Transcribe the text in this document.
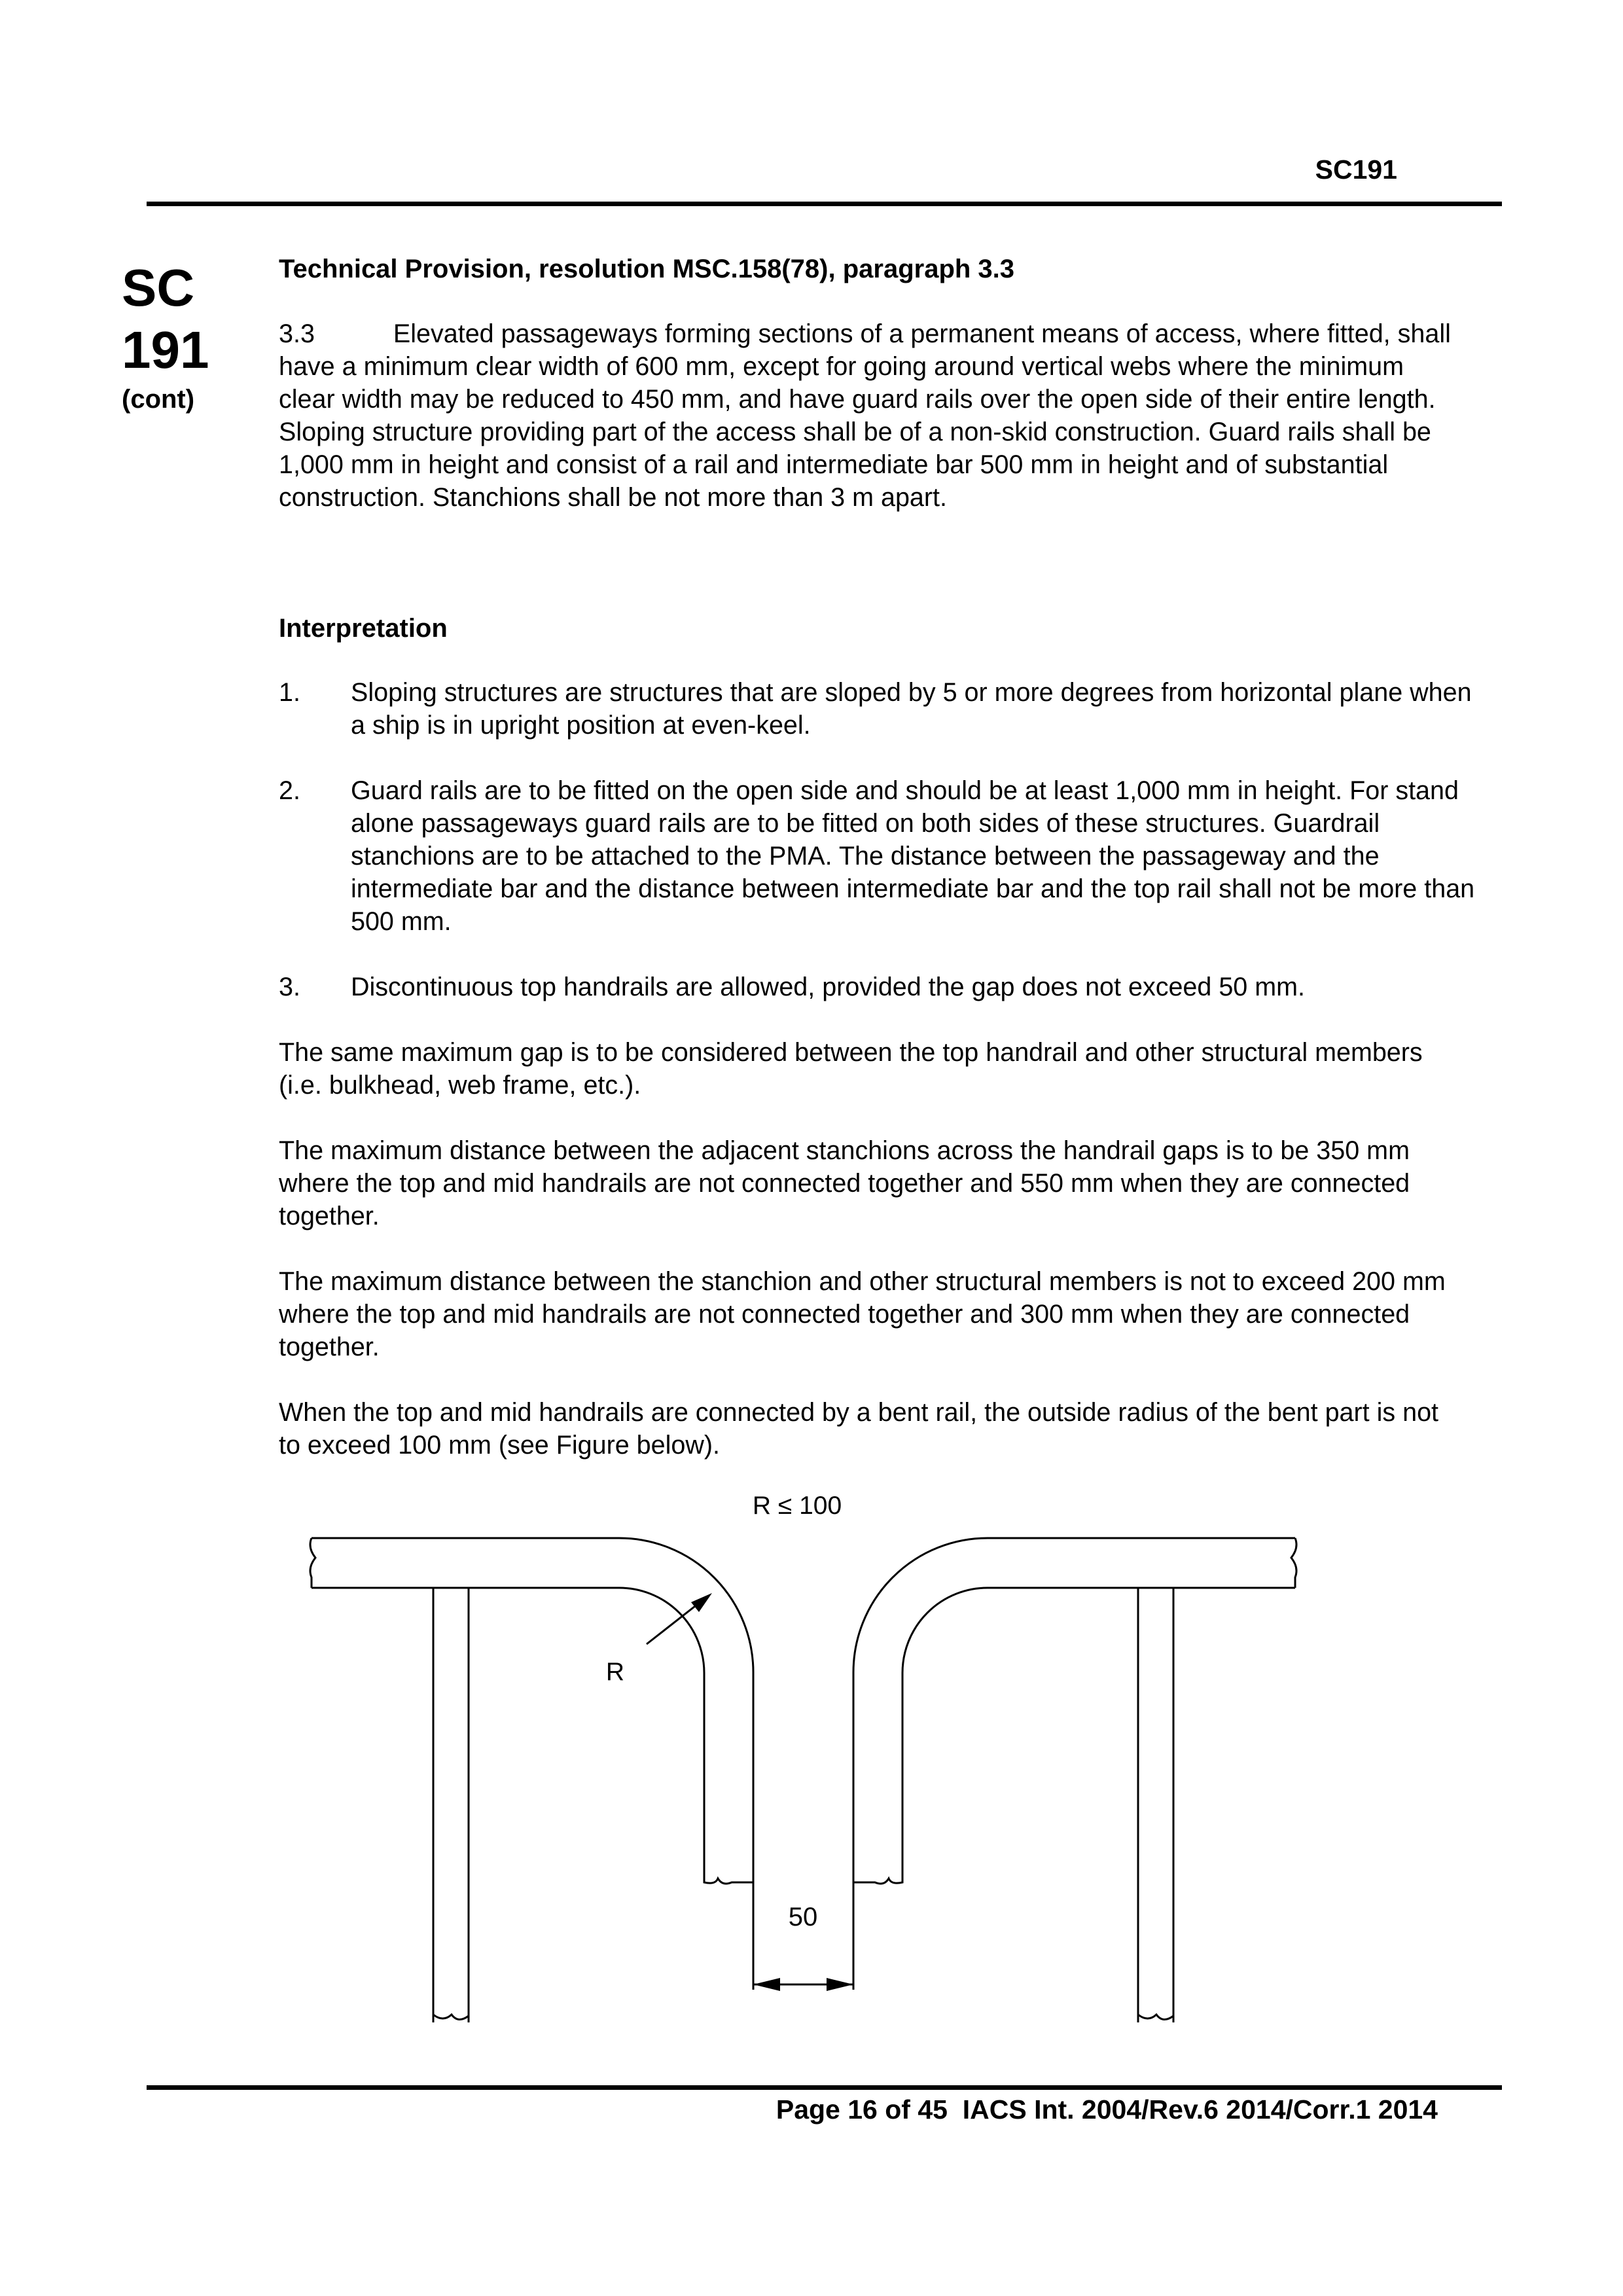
SC191
SC
191
(cont)
Technical Provision, resolution MSC.158(78), paragraph 3.3

3.3	Elevated passageways forming sections of a permanent means of access, where fitted, shall have a minimum clear width of 600 mm, except for going around vertical webs where the minimum clear width may be reduced to 450 mm, and have guard rails over the open side of their entire length. Sloping structure providing part of the access shall be of a non-skid construction. Guard rails shall be 1,000 mm in height and consist of a rail and intermediate bar 500 mm in height and of substantial construction. Stanchions shall be not more than 3 m apart.

Interpretation
1. Sloping structures are structures that are sloped by 5 or more degrees from horizontal plane when a ship is in upright position at even-keel.
2. Guard rails are to be fitted on the open side and should be at least 1,000 mm in height. For stand alone passageways guard rails are to be fitted on both sides of these structures. Guardrail stanchions are to be attached to the PMA. The distance between the passageway and the intermediate bar and the distance between intermediate bar and the top rail shall not be more than 500 mm.
3. Discontinuous top handrails are allowed, provided the gap does not exceed 50 mm.
The same maximum gap is to be considered between the top handrail and other structural members (i.e. bulkhead, web frame, etc.).
The maximum distance between the adjacent stanchions across the handrail gaps is to be 350 mm where the top and mid handrails are not connected together and 550 mm when they are connected together.
The maximum distance between the stanchion and other structural members is not to exceed 200 mm where the top and mid handrails are not connected together and 300 mm when they are connected together.
When the top and mid handrails are connected by a bent rail, the outside radius of the bent part is not to exceed 100 mm (see Figure below).
R ≤ 100
R
50
Page 16 of 45  IACS Int. 2004/Rev.6 2014/Corr.1 2014
